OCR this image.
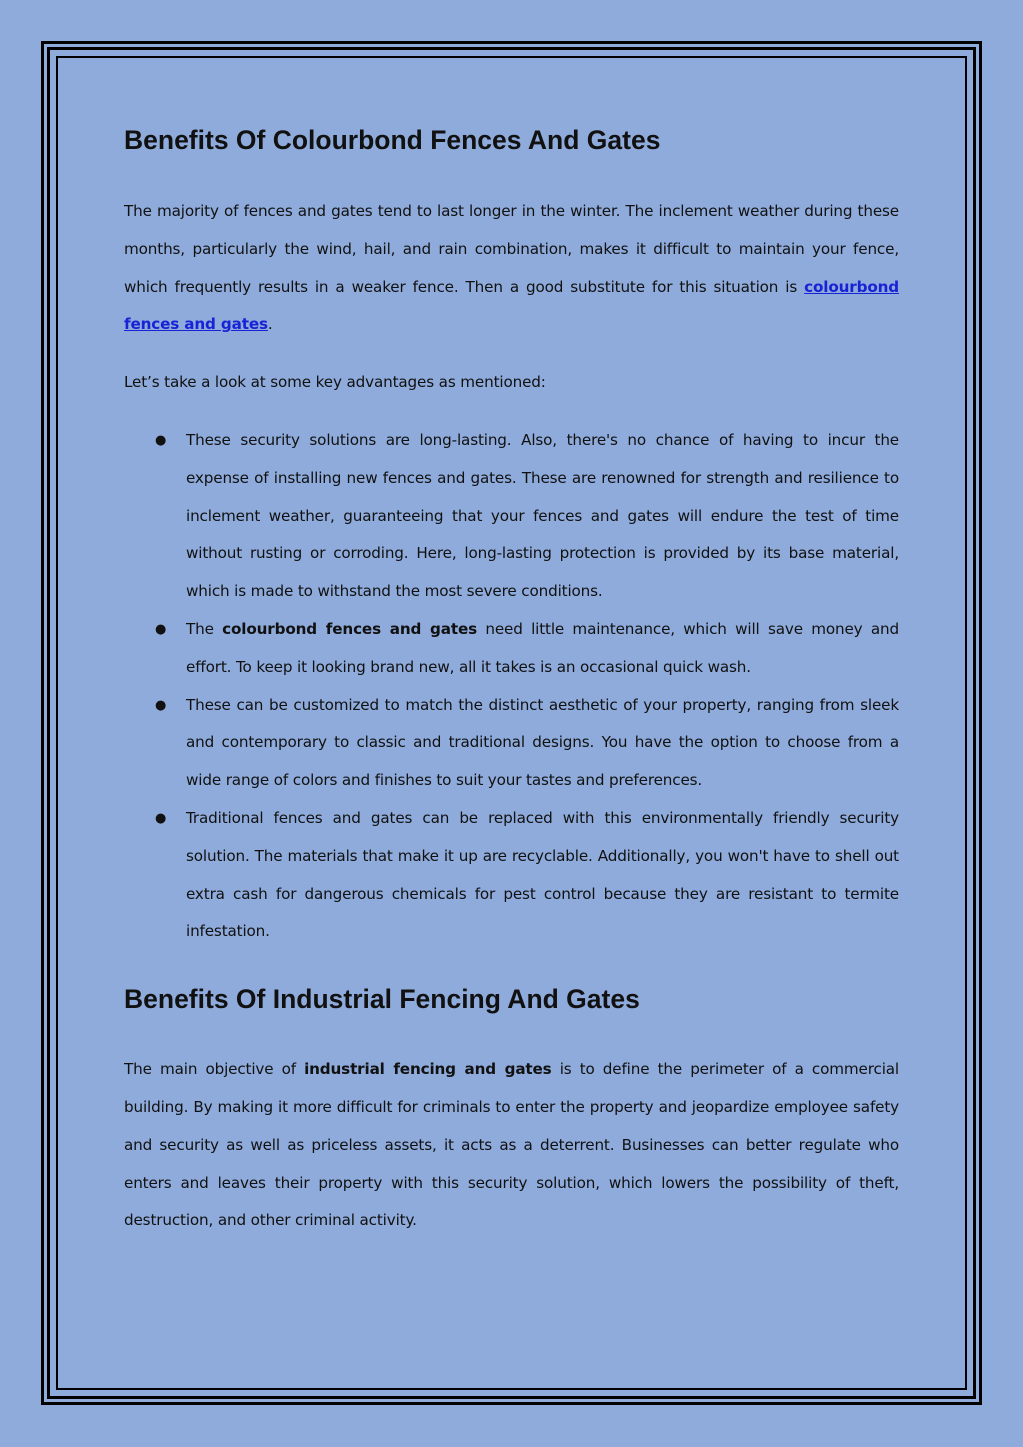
Benefits Of Colourbond Fences And Gates

The majority of fences and gates tend to last longer in the winter. The inclement weather during these months, particularly the wind, hail, and rain combination, makes it difficult to maintain your fence, which frequently results in a weaker fence. Then a good substitute for this situation is colourbond fences and gates.

Let’s take a look at some key advantages as mentioned:

● These security solutions are long-lasting. Also, there's no chance of having to incur the expense of installing new fences and gates. These are renowned for strength and resilience to inclement weather, guaranteeing that your fences and gates will endure the test of time without rusting or corroding. Here, long-lasting protection is provided by its base material, which is made to withstand the most severe conditions.
● The colourbond fences and gates need little maintenance, which will save money and effort. To keep it looking brand new, all it takes is an occasional quick wash.
● These can be customized to match the distinct aesthetic of your property, ranging from sleek and contemporary to classic and traditional designs. You have the option to choose from a wide range of colors and finishes to suit your tastes and preferences.
● Traditional fences and gates can be replaced with this environmentally friendly security solution. The materials that make it up are recyclable. Additionally, you won't have to shell out extra cash for dangerous chemicals for pest control because they are resistant to termite infestation.
Benefits Of Industrial Fencing And Gates

The main objective of industrial fencing and gates is to define the perimeter of a commercial building. By making it more difficult for criminals to enter the property and jeopardize employee safety and security as well as priceless assets, it acts as a deterrent. Businesses can better regulate who enters and leaves their property with this security solution, which lowers the possibility of theft, destruction, and other criminal activity.
